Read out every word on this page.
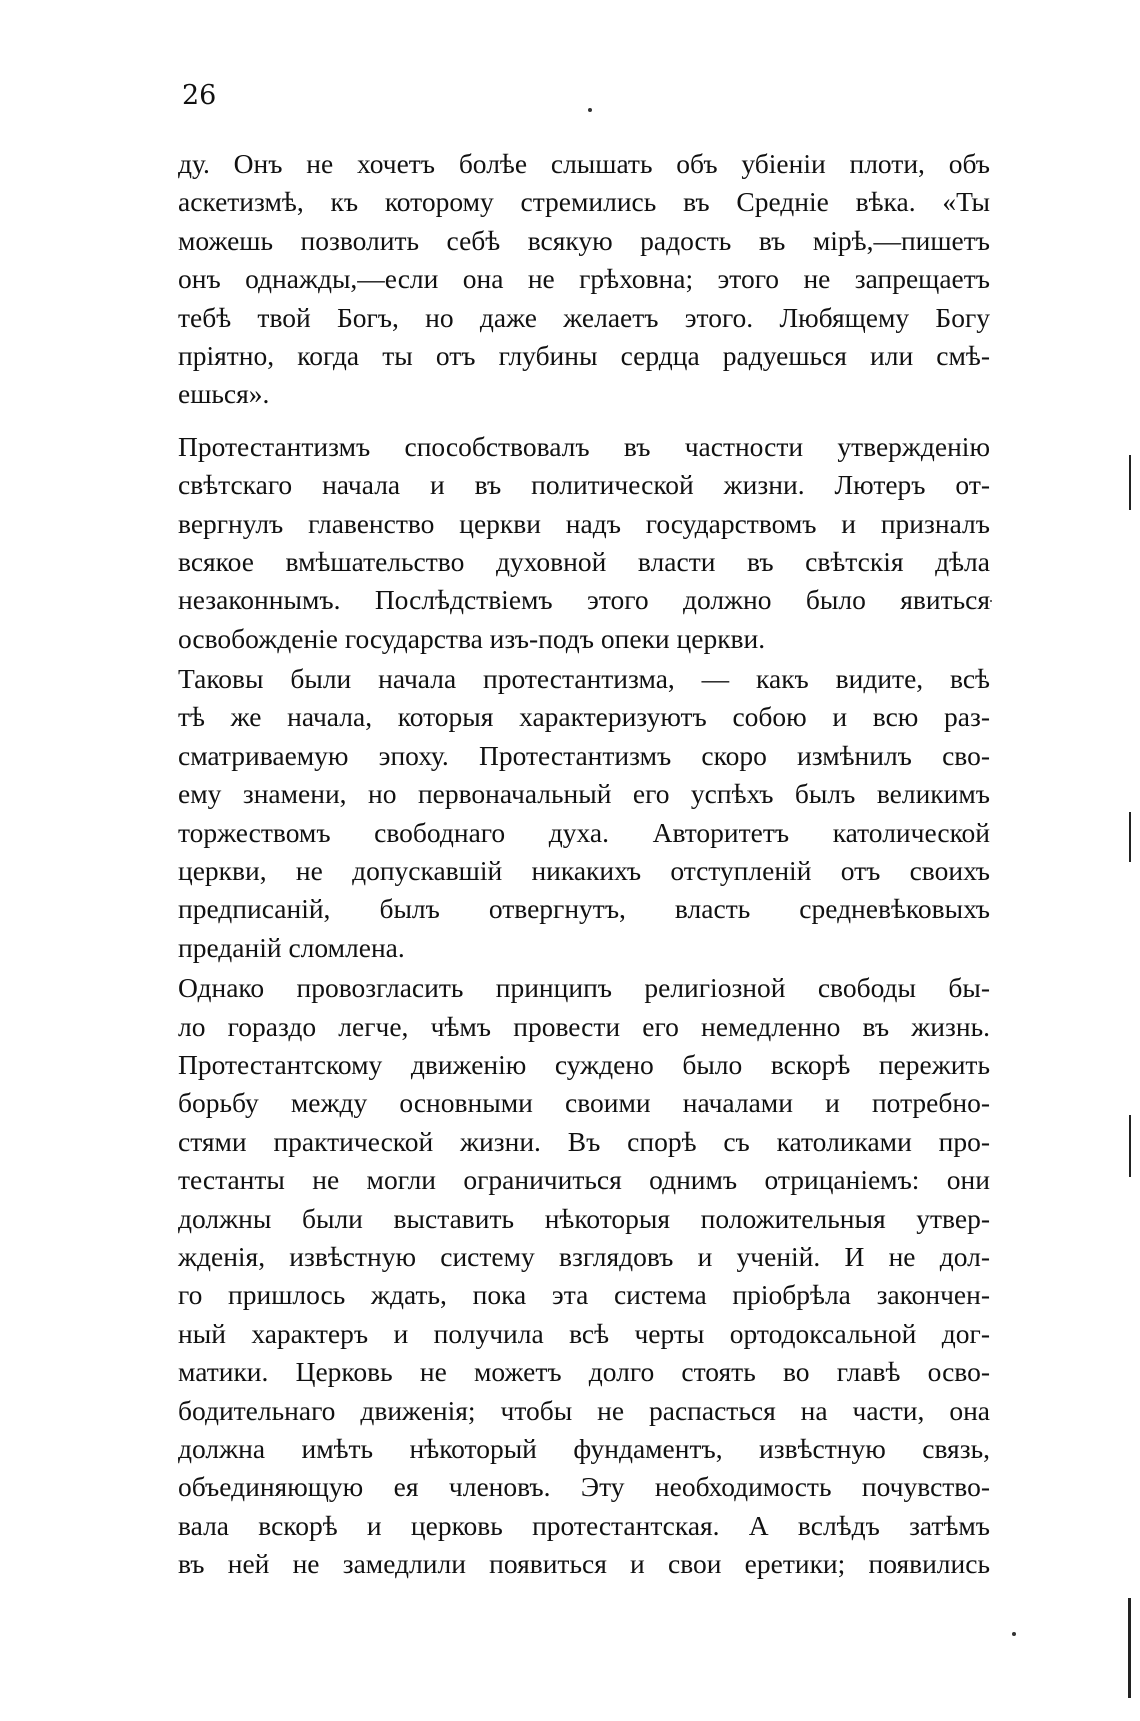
26
ду. Онъ не хочетъ болѣе слышать объ убіеніи плоти, объ
аскетизмѣ, къ которому стремились въ Средніе вѣка. «Ты
можешь позволить себѣ всякую радость въ мірѣ,—пишетъ
онъ однажды,—если она не грѣховна; этого не запрещаетъ
тебѣ твой Богъ, но даже желаетъ этого. Любящему Богу
пріятно, когда ты отъ глубины сердца радуешься или смѣ-
ешься».
Протестантизмъ способствовалъ въ частности утвержденію
свѣтскаго начала и въ политической жизни. Лютеръ от-
вергнулъ главенство церкви надъ государствомъ и призналъ
всякое вмѣшательство духовной власти въ свѣтскія дѣла
незаконнымъ. Послѣдствіемъ этого должно было явиться
освобожденіе государства изъ-подъ опеки церкви.
Таковы были начала протестантизма, — какъ видите, всѣ
тѣ же начала, которыя характеризуютъ собою и всю раз-
сматриваемую эпоху. Протестантизмъ скоро измѣнилъ сво-
ему знамени, но первоначальный его успѣхъ былъ великимъ
торжествомъ свободнаго духа. Авторитетъ католической
церкви, не допускавшій никакихъ отступленій отъ своихъ
предписаній, былъ отвергнутъ, власть средневѣковыхъ
преданій сломлена.
Однако провозгласить принципъ религіозной свободы бы-
ло гораздо легче, чѣмъ провести его немедленно въ жизнь.
Протестантскому движенію суждено было вскорѣ пережить
борьбу между основными своими началами и потребно-
стями практической жизни. Въ спорѣ съ католиками про-
тестанты не могли ограничиться однимъ отрицаніемъ: они
должны были выставить нѣкоторыя положительныя утвер-
жденія, извѣстную систему взглядовъ и ученій. И не дол-
го пришлось ждать, пока эта система пріобрѣла закончен-
ный характеръ и получила всѣ черты ортодоксальной дог-
матики. Церковь не можетъ долго стоять во главѣ осво-
бодительнаго движенія; чтобы не распасться на части, она
должна имѣть нѣкоторый фундаментъ, извѣстную связь,
объединяющую ея членовъ. Эту необходимость почувство-
вала вскорѣ и церковь протестантская. А вслѣдъ затѣмъ
въ ней не замедлили появиться и свои еретики; появились
